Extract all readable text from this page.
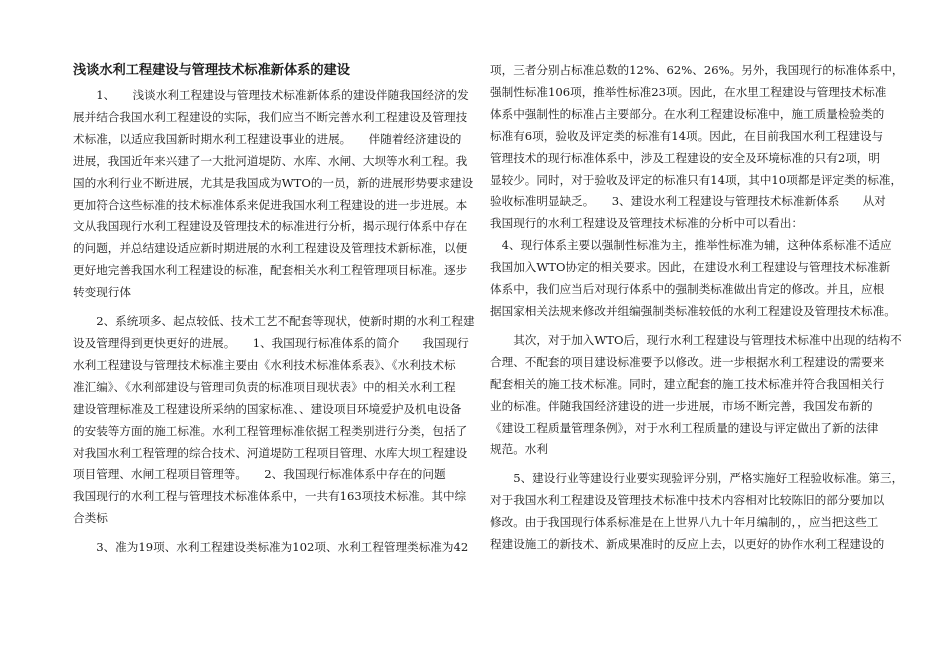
浅谈水利工程建设与管理技术标准新体系的建设
　　1、　　浅谈水利工程建设与管理技术标准新体系的建设伴随我国经济的发
展并结合我国水利工程建设的实际，我们应当不断完善水利工程建设及管理技
术标准，以适应我国新时期水利工程建设事业的进展。　　伴随着经济建设的
进展，我国近年来兴建了一大批河道堤防、水库、水闸、大坝等水利工程。我
国的水利行业不断进展，尤其是我国成为WTO的一员，新的进展形势要求建设
更加符合这些标准的技术标准体系来促进我国水利工程建设的进一步进展。本
文从我国现行水利工程建设及管理技术的标准进行分析，揭示现行体系中存在
的问题，并总结建设适应新时期进展的水利工程建设及管理技术新标准，以便
更好地完善我国水利工程建设的标准，配套相关水利工程管理项目标准。逐步
转变现行体
　　2、系统项多、起点较低、技术工艺不配套等现状，使新时期的水利工程建
设及管理得到更快更好的进展。　　1、我国现行标准体系的简介　　我国现行
水利工程建设与管理技术标准主要由《水利技术标准体系表》、《水利技术标
准汇编》、《水利部建设与管理司负责的标准项目现状表》中的相关水利工程
建设管理标准及工程建设所采纳的国家标准、、建设项目环境爱护及机电设备
的安装等方面的施工标准。水利工程管理标准依据工程类别进行分类，包括了
对我国水利工程管理的综合技术、河道堤防工程项目管理、水库大坝工程建设
项目管理、水闸工程项目管理等。　　2、我国现行标准体系中存在的问题
我国现行的水利工程与管理技术标准体系中，一共有163项技术标准。其中综
合类标
　　3、准为19项、水利工程建设类标准为102项、水利工程管理类标准为42
项，三者分别占标准总数的12%、62%、26%。另外，我国现行的标准体系中，
强制性标准106项，推举性标准23项。因此，在水里工程建设与管理技术标准
体系中强制性的标准占主要部分。在水利工程建设标准中，施工质量检验类的
标准有6项，验收及评定类的标准有14项。因此，在目前我国水利工程建设与
管理技术的现行标准体系中，涉及工程建设的安全及环境标准的只有2项，明
显较少。同时，对于验收及评定的标准只有14项，其中10项都是评定类的标准，
验收标准明显缺乏。　　3、建设水利工程建设与管理技术标准新体系　　从对
我国现行的水利工程建设及管理技术标准的分析中可以看出：
　4、现行体系主要以强制性标准为主，推举性标准为辅，这种体系标准不适应
我国加入WTO协定的相关要求。因此，在建设水利工程建设与管理技术标准新
体系中，我们应当后对现行体系中的强制类标准做出肯定的修改。并且，应根
据国家相关法规来修改并组编强制类标准较低的水利工程建设及管理技术标准。
　　其次，对于加入WTO后，现行水利工程建设与管理技术标准中出现的结构不
合理、不配套的项目建设标准要予以修改。进一步根据水利工程建设的需要来
配套相关的施工技术标准。同时，建立配套的施工技术标准并符合我国相关行
业的标准。伴随我国经济建设的进一步进展，市场不断完善，我国发布新的
《建设工程质量管理条例》，对于水利工程质量的建设与评定做出了新的法律
规范。水利
　　5、建设行业等建设行业要实现验评分别，严格实施好工程验收标准。第三，
对于我国水利工程建设及管理技术标准中技术内容相对比较陈旧的部分要加以
修改。由于我国现行体系标准是在上世界八九十年月编制的，，应当把这些工
程建设施工的新技术、新成果准时的反应上去，以更好的协作水利工程建设的
